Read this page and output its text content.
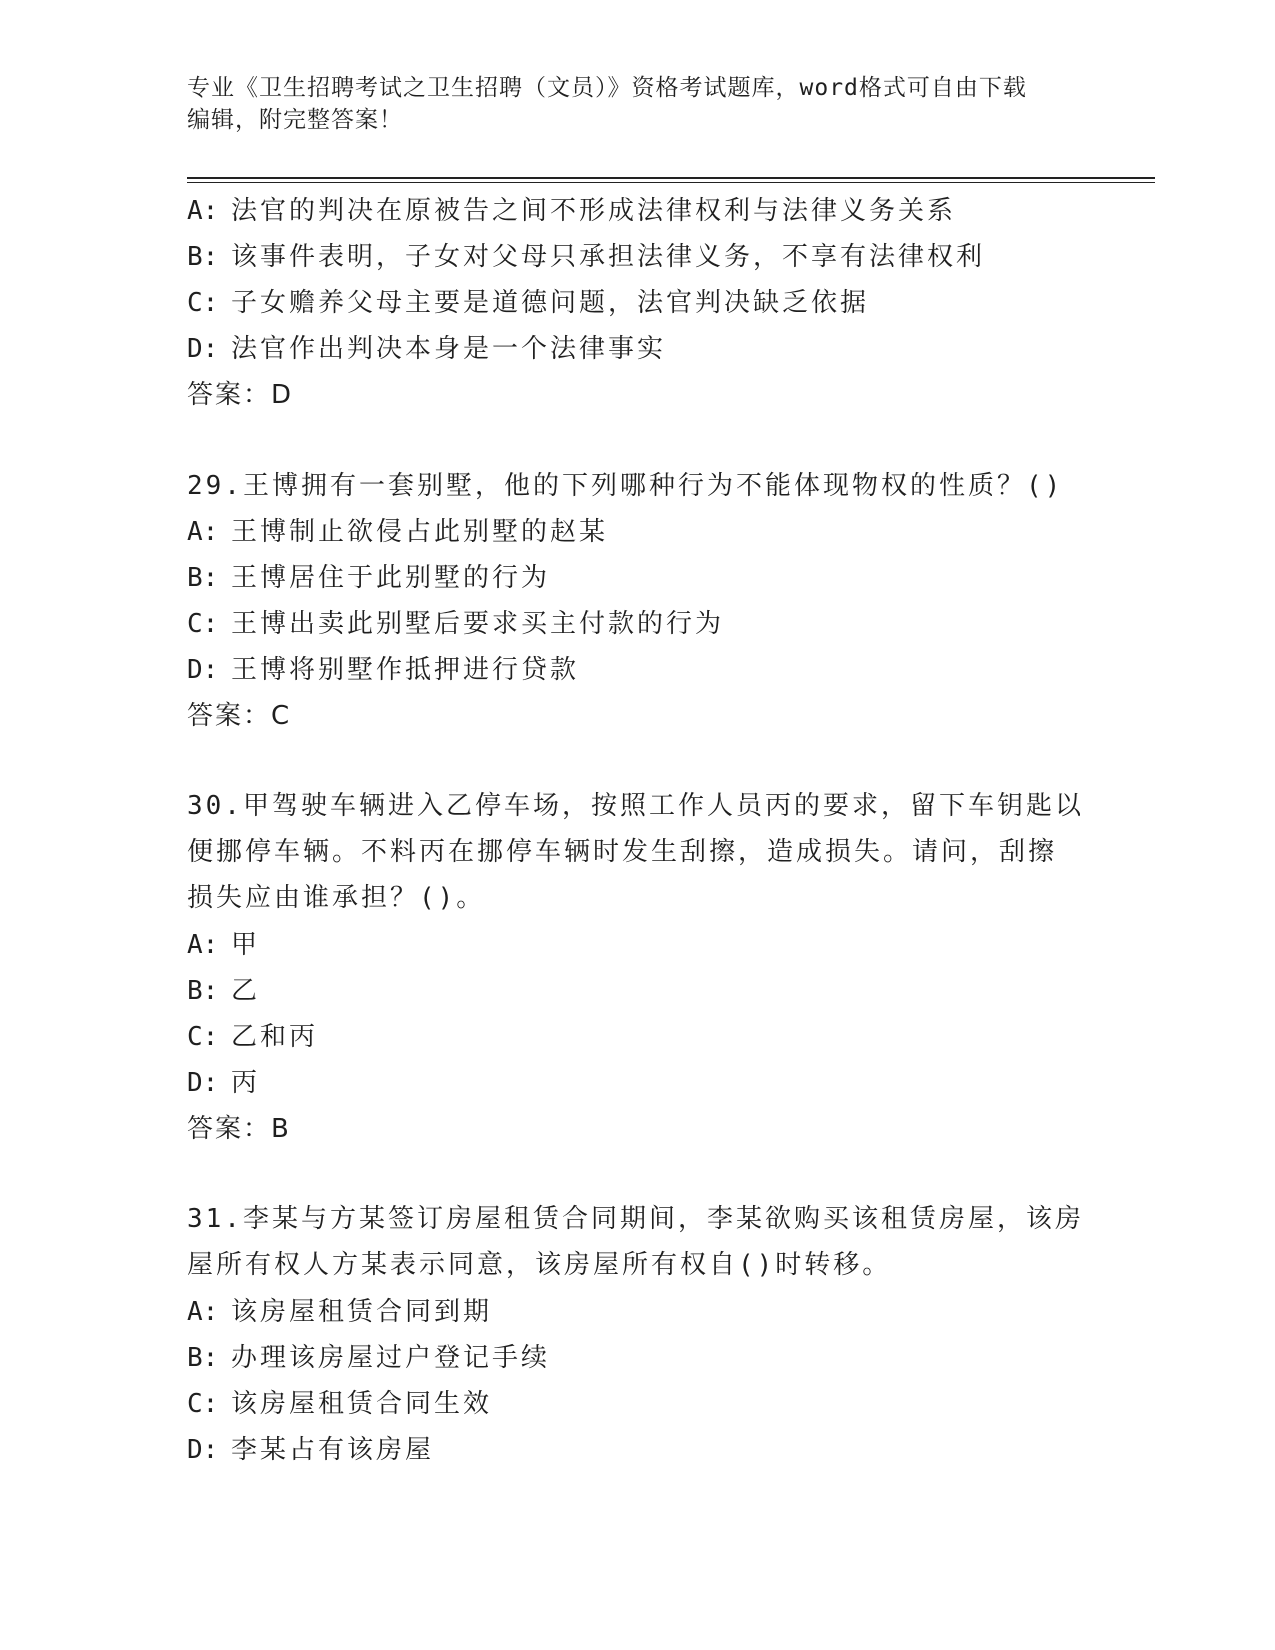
专业《卫生招聘考试之卫生招聘（文员）》资格考试题库，word格式可自由下载
编辑，附完整答案！
A: 法官的判决在原被告之间不形成法律权利与法律义务关系
B: 该事件表明，子女对父母只承担法律义务，不享有法律权利
C: 子女赡养父母主要是道德问题，法官判决缺乏依据
D: 法官作出判决本身是一个法律事实
答案：D
29.王博拥有一套别墅，他的下列哪种行为不能体现物权的性质？()
A: 王博制止欲侵占此别墅的赵某
B: 王博居住于此别墅的行为
C: 王博出卖此别墅后要求买主付款的行为
D: 王博将别墅作抵押进行贷款
答案：C
30.甲驾驶车辆进入乙停车场，按照工作人员丙的要求，留下车钥匙以
便挪停车辆。不料丙在挪停车辆时发生刮擦，造成损失。请问，刮擦
损失应由谁承担？()。
A: 甲
B: 乙
C: 乙和丙
D: 丙
答案：B
31.李某与方某签订房屋租赁合同期间，李某欲购买该租赁房屋，该房
屋所有权人方某表示同意，该房屋所有权自()时转移。
A: 该房屋租赁合同到期
B: 办理该房屋过户登记手续
C: 该房屋租赁合同生效
D: 李某占有该房屋
